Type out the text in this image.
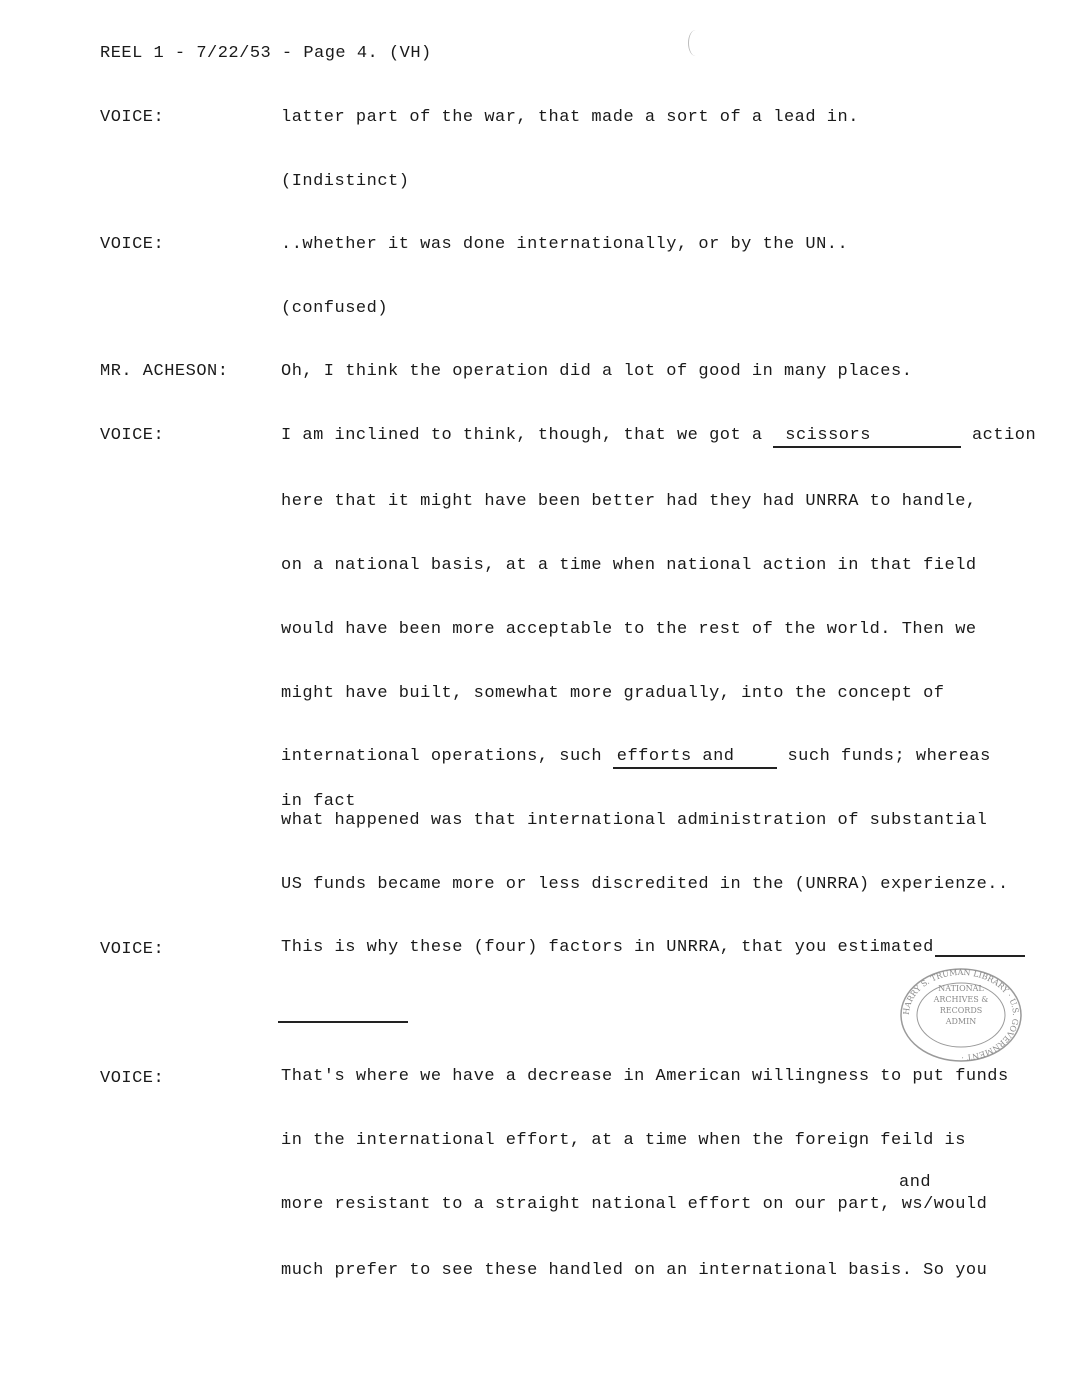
REEL 1 - 7/22/53 - Page 4. (VH)
VOICE:	latter part of the war, that made a sort of a lead in.
(Indistinct)
VOICE:	..whether it was done internationally, or by the UN..
(confused)
MR. ACHESON:	Oh, I think the operation did a lot of good in many places.
VOICE:	I am inclined to think, though, that we got a scissors	action
here that it might have been better had they had UNRRA to handle,
on a national basis, at a time when national action in that field
would have been more acceptable to the rest of the world. Then we
might have built, somewhat more gradually, into the concept of
international operations, such efforts and	such funds; whereas
in fact
what happened was that international administration of substantial
US funds became more or less discredited in the (UNRRA) experienze..
VOICE:	This is why these (four) factors in UNRRA, that you estimated
HARRY S. TRUMAN LIBRARY · U.S. GOVERNMENT ·
NATIONAL
ARCHIVES &
RECORDS
ADMIN
VOICE:	That's where we have a decrease in American willingness to put funds
in the international effort, at a time when the foreign feild is
and
more resistant to a straight national effort on our part, ws/would
much prefer to see these handled on an international basis. So you
